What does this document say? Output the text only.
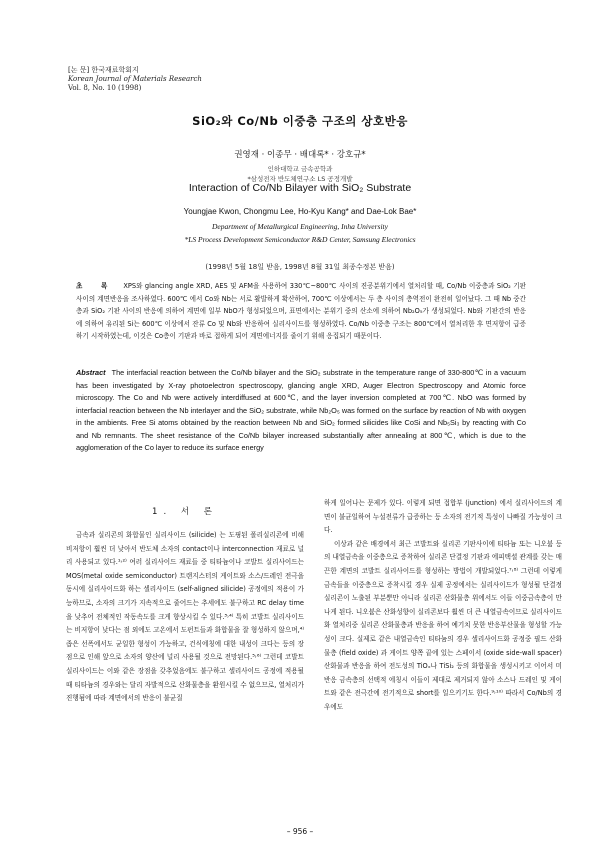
[논 문] 한국재료학회지
Korean Journal of Materials Research
Vol. 8, No. 10 (1998)
SiO₂와 Co/Nb 이중층 구조의 상호반응
권영재 · 이종무 · 배대록* · 강호규*
인하대학교 금속공학과
*삼성전자 반도체연구소 LS 공정개발
Interaction of Co/Nb Bilayer with SiO₂ Substrate
Youngjae Kwon, Chongmu Lee, Ho-Kyu Kang* and Dae-Lok Bae*
Department of Metallurgical Engineering, Inha University
*LS Process Development Semiconductor R&D Center, Samsung Electronics
(1998년 5월 18일 받음, 1998년 8월 31일 최종수정본 받음)
초 록 XPS와 glancing angle XRD, AES 및 AFM을 사용하여 330℃~800℃ 사이의 진공분위기에서 열처리할 때, Co/Nb 이중층과 SiO₂ 기판 사이의 계면반응을 조사하였다. 600℃ 에서 Co와 Nb는 서로 활발하게 확산하여, 700℃ 이상에서는 두 층 사이의 층역전이 완전히 일어났다. 그 때 Nb 중간층과 SiO₂ 기판 사이의 반응에 의하여 계면에 일부 NbO가 형성되었으며, 표면에서는 분위기 중의 산소에 의하여 Nb₂O₅가 생성되었다. Nb와 기판간의 반응에 의하여 유리된 Si는 600℃ 이상에서 잔류 Co 및 Nb와 반응하여 실리사이드를 형성하였다. Co/Nb 이중층 구조는 800℃에서 열처리한 후 면저항이 급증하기 시작하였는데, 이것은 Co층이 기판과 바로 접하게 되어 계면에너지를 줄이기 위해 응집되기 때문이다.
Abstract The interfacial reaction between the Co/Nb bilayer and the SiO₂ substrate in the temperature range of 330-800℃ in a vacuum has been investigated by X-ray photoelectron spectroscopy, glancing angle XRD, Auger Electron Spectroscopy and Atomic force microscopy. The Co and Nb were actively interdiffused at 600℃, and the layer inversion completed at 700℃. NbO was formed by interfacial reaction between the Nb interlayer and the SiO₂ substrate, while Nb₂O₅ was formed on the surface by reaction of Nb with oxygen in the ambients. Free Si atoms obtained by the reaction between Nb and SiO₂ formed silicides like CoSi and Nb₅Si₃ by reacting with Co and Nb remnants. The sheet resistance of the Co/Nb bilayer increased substantially after annealing at 800℃, which is due to the agglomeration of the Co layer to reduce its surface energy
1. 서 론

금속과 실리콘의 화합물인 실리사이드 (silicide) 는 도핑된 폴리실리콘에 비해 비저항이 훨씬 더 낮아서 반도체 소자의 contact이나 interconnection 재료로 널리 사용되고 있다.¹˒²⁾ 여러 실리사이드 재료들 중 티타늄이나 코발트 실리사이드는 MOS(metal oxide semiconductor) 트랜지스터의 게이트와 소스/드레인 전극을 동시에 실리사이드화 하는 셀리사이드 (self-aligned silicide) 공정에의 적용이 가능하므로, 소자의 크기가 지속적으로 줄어드는 추세에도 불구하고 RC delay time 을 낮추어 전체적인 작동속도를 크게 향상시킬 수 있다.³˒⁴⁾ 특히 코발트 실리사이드는 비저항이 낮다는 점 외에도 고온에서 도펀트들과 화합물을 잘 형성하지 않으며,⁴⁾ 좁은 선폭에서도 균일한 형성이 가능하고, 건식에칭에 대한 내성이 크다는 등의 장점으로 인해 앞으로 소자의 양산에 널리 사용될 것으로 전망된다.⁵˒⁶⁾ 그런데 코발트 실리사이드는 이와 같은 장점을 갖추었음에도 불구하고 셀리사이드 공정에 적용될 때 티타늄의 경우와는 달리 자발적으로 산화물층을 환원시킬 수 없으므로, 열처리가 진행됨에 따라 계면에서의 반응이 불균질

하게 일어나는 문제가 있다. 이렇게 되면 접합부 (junction) 에서 실리사이드의 계면이 불균일하여 누설전류가 급증하는 등 소자의 전기적 특성이 나빠질 가능성이 크다.

이상과 같은 배경에서 최근 코발트와 실리콘 기판사이에 티타늄 또는 니오븀 등의 내열금속을 이중층으로 증착하여 실리콘 단결정 기판과 에피택셜 관계를 갖는 매끈한 계면의 코발트 실리사이드를 형성하는 방법이 개발되었다.⁷˒⁸⁾ 그런데 이렇게 금속들을 이중층으로 증착시킬 경우 실제 공정에서는 실리사이드가 형성될 단결정 실리콘이 노출된 부분뿐만 아니라 실리콘 산화물층 위에서도 이들 이중금속층이 만나게 된다. 니오븀은 산화성향이 실리콘보다 훨씬 더 큰 내열금속이므로 실리사이드화 열처리중 실리콘 산화물층과 반응을 하여 예기치 못한 반응부산물을 형성할 가능성이 크다. 실제로 같은 내열금속인 티타늄의 경우 셀리사이드화 공정중 필드 산화물층 (field oxide) 과 게이트 양쪽 끝에 있는 스페이서 (oxide side-wall spacer) 산화물과 반응을 하여 전도성의 TiOₓ나 TiSi₂ 등의 화합물을 생성시키고 이어서 미반응 금속층의 선택적 에칭시 이들이 제대로 제거되지 않아 소스나 드레인 및 게이트와 같은 전극간에 전기적으로 short를 일으키기도 한다.⁹˒¹⁰⁾ 따라서 Co/Nb의 경우에도

– 956 –
